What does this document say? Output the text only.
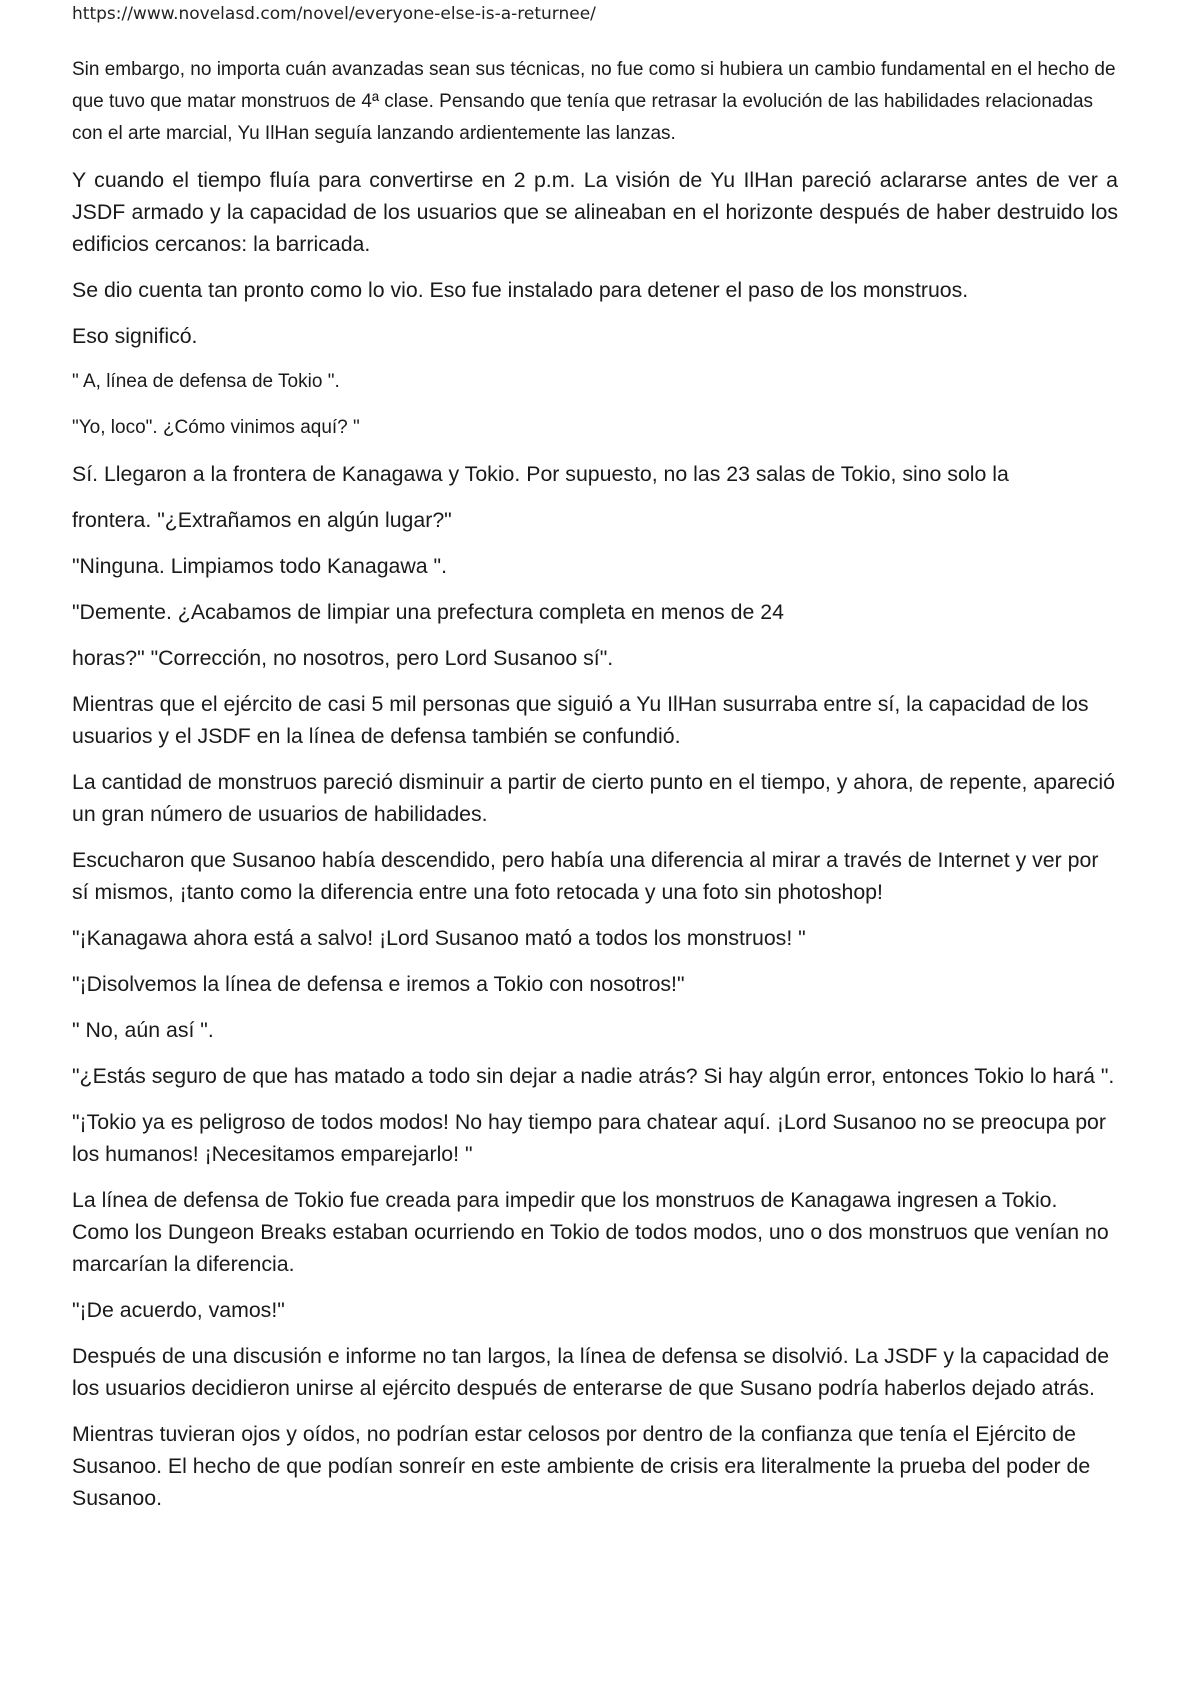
https://www.novelasd.com/novel/everyone-else-is-a-returnee/

Sin embargo, no importa cuán avanzadas sean sus técnicas, no fue como si hubiera un cambio fundamental en el hecho de que tuvo que matar monstruos de 4ª clase. Pensando que tenía que retrasar la evolución de las habilidades relacionadas con el arte marcial, Yu IlHan seguía lanzando ardientemente las lanzas.

Y cuando el tiempo fluía para convertirse en 2 p.m. La visión de Yu IlHan pareció aclararse antes de ver a JSDF armado y la capacidad de los usuarios que se alineaban en el horizonte después de haber destruido los edificios cercanos: la barricada.

Se dio cuenta tan pronto como lo vio. Eso fue instalado para detener el paso de los monstruos.

Eso significó.

" A, línea de defensa de Tokio ".

"Yo, loco". ¿Cómo vinimos aquí? "

Sí. Llegaron a la frontera de Kanagawa y Tokio. Por supuesto, no las 23 salas de Tokio, sino solo la

frontera. "¿Extrañamos en algún lugar?"

"Ninguna. Limpiamos todo Kanagawa ".

"Demente. ¿Acabamos de limpiar una prefectura completa en menos de 24

horas?" "Corrección, no nosotros, pero Lord Susanoo sí".

Mientras que el ejército de casi 5 mil personas que siguió a Yu IlHan susurraba entre sí, la capacidad de los usuarios y el JSDF en la línea de defensa también se confundió.

La cantidad de monstruos pareció disminuir a partir de cierto punto en el tiempo, y ahora, de repente, apareció un gran número de usuarios de habilidades.

Escucharon que Susanoo había descendido, pero había una diferencia al mirar a través de Internet y ver por sí mismos, ¡tanto como la diferencia entre una foto retocada y una foto sin photoshop!

"¡Kanagawa ahora está a salvo! ¡Lord Susanoo mató a todos los monstruos! "

"¡Disolvemos la línea de defensa e iremos a Tokio con nosotros!"

" No, aún así ".

"¿Estás seguro de que has matado a todo sin dejar a nadie atrás? Si hay algún error, entonces Tokio lo hará ".

"¡Tokio ya es peligroso de todos modos! No hay tiempo para chatear aquí. ¡Lord Susanoo no se preocupa por los humanos! ¡Necesitamos emparejarlo! "

La línea de defensa de Tokio fue creada para impedir que los monstruos de Kanagawa ingresen a Tokio. Como los Dungeon Breaks estaban ocurriendo en Tokio de todos modos, uno o dos monstruos que venían no marcarían la diferencia.

"¡De acuerdo, vamos!"

Después de una discusión e informe no tan largos, la línea de defensa se disolvió. La JSDF y la capacidad de los usuarios decidieron unirse al ejército después de enterarse de que Susano podría haberlos dejado atrás.

Mientras tuvieran ojos y oídos, no podrían estar celosos por dentro de la confianza que tenía el Ejército de Susanoo. El hecho de que podían sonreír en este ambiente de crisis era literalmente la prueba del poder de Susanoo.
